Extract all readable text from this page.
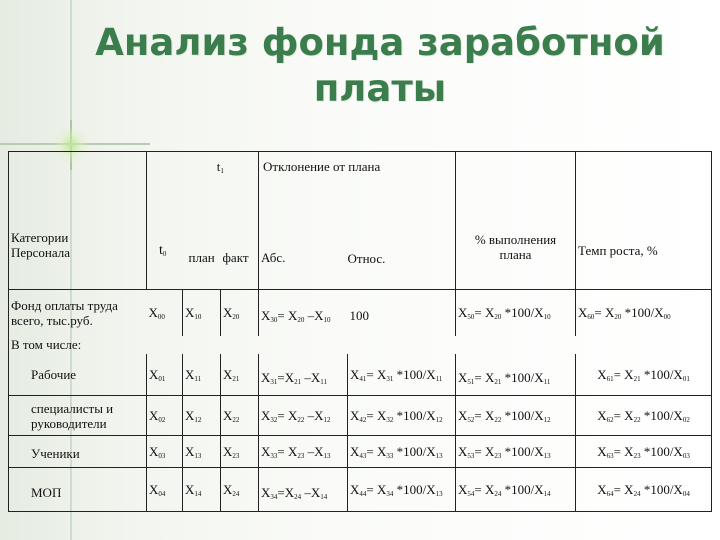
Анализ фонда заработной
платы
		$t_1$		Отклонение от плана			
Категории
Персонала	$t_0$	план	факт	Абс.	Относ.	% выполнения
плана	Темп роста, %
Фонд оплаты труда
всего, тыс.руб.	$Х_{00}$	$Х_{10}$	$Х_{20}$	$Х_{30}= Х_{20}$ $-Х_{10}$	100	$Х_{50}= Х_{20}$ $*100/Х_{10}$	$Х_{60}= Х_{20}$ $*100/Х_{00}$
В том числе:							
Рабочие	$Х_{01}$	$Х_{11}$	$Х_{21}$	$Х_{31}=Х_{21}$ $-Х_{11}$	$Х_{41}= Х_{31}$ $*100/Х_{11}$	$Х_{51}= Х_{21}$ $*100/Х_{11}$	$Х_{61}= Х_{21}$ $*100/Х_{01}$
специалисты и
руководители	$Х_{02}$	$Х_{12}$	$Х_{22}$	$Х_{32}= Х_{22}$ $-Х_{12}$	$Х_{42}= Х_{32}$ $*100/Х_{12}$	$Х_{52}= Х_{22}$ $*100/Х_{12}$	$Х_{62}= Х_{22}$ $*100/Х_{02}$
Ученики	$Х_{03}$	$Х_{13}$	$Х_{23}$	$Х_{33}= Х_{23}$ $-Х_{13}$	$Х_{43}= Х_{33}$ $*100/Х_{13}$	$Х_{53}= Х_{23}$ $*100/Х_{13}$	$Х_{63}= Х_{23}$ $*100/Х_{03}$
МОП	$Х_{04}$	$Х_{14}$	$Х_{24}$	$Х_{34}=Х_{24}$ $-Х_{14}$	$Х_{44}= Х_{34}$ $*100/Х_{13}$	$Х_{54}= Х_{24}$ $*100/Х_{14}$	$Х_{64}= Х_{24}$ $*100/Х_{04}$
